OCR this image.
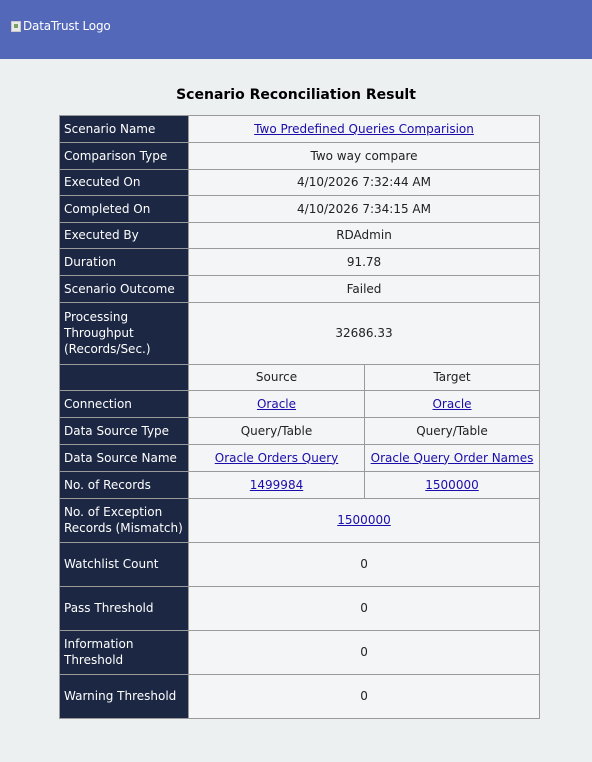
DataTrust Logo
Scenario Reconciliation Result
Scenario Name	Two Predefined Queries Comparision	
Comparison Type	Two way compare	
Executed On	4/10/2026 7:32:44 AM	
Completed On	4/10/2026 7:34:15 AM	
Executed By	RDAdmin	
Duration	91.78	
Scenario Outcome	Failed	
Processing Throughput (Records/Sec.)	32686.33	
	Source	Target
Connection	Oracle	Oracle
Data Source Type	Query/Table	Query/Table
Data Source Name	Oracle Orders Query	Oracle Query Order Names
No. of Records	1499984	1500000
No. of Exception Records (Mismatch)	1500000	
Watchlist Count	0	
Pass Threshold	0	
Information Threshold	0	
Warning Threshold	0	
